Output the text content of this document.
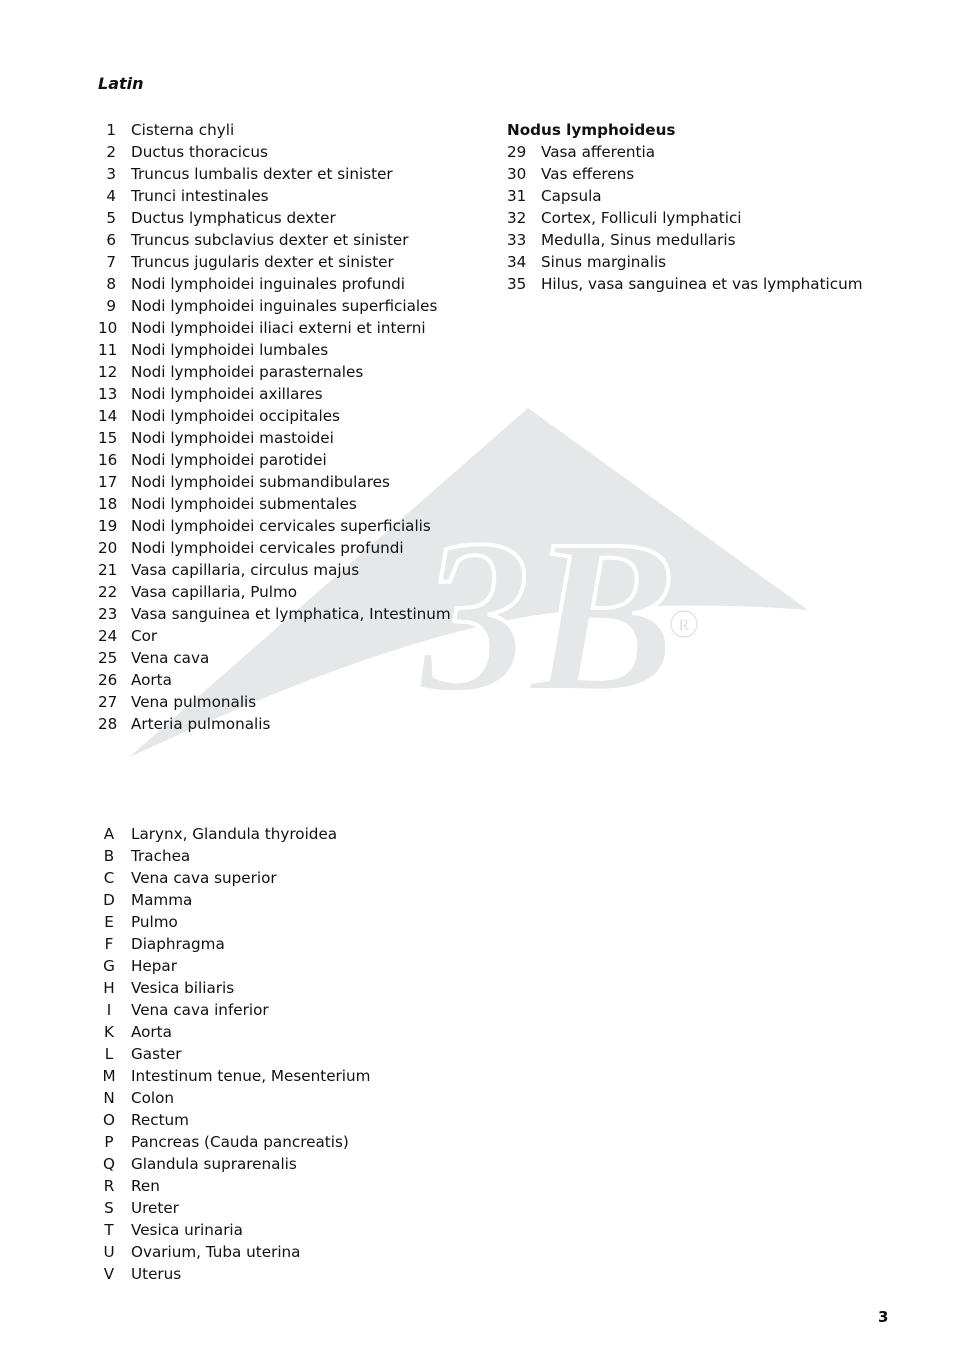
3B R
Latin
1 Cisterna chyli
2 Ductus thoracicus
3 Truncus lumbalis dexter et sinister
4 Trunci intestinales
5 Ductus lymphaticus dexter
6 Truncus subclavius dexter et sinister
7 Truncus jugularis dexter et sinister
8 Nodi lymphoidei inguinales profundi
9 Nodi lymphoidei inguinales superficiales
10 Nodi lymphoidei iliaci externi et interni
11 Nodi lymphoidei lumbales
12 Nodi lymphoidei parasternales
13 Nodi lymphoidei axillares
14 Nodi lymphoidei occipitales
15 Nodi lymphoidei mastoidei
16 Nodi lymphoidei parotidei
17 Nodi lymphoidei submandibulares
18 Nodi lymphoidei submentales
19 Nodi lymphoidei cervicales superficialis
20 Nodi lymphoidei cervicales profundi
21 Vasa capillaria, circulus majus
22 Vasa capillaria, Pulmo
23 Vasa sanguinea et lymphatica, Intestinum
24 Cor
25 Vena cava
26 Aorta
27 Vena pulmonalis
28 Arteria pulmonalis
Nodus lymphoideus
29 Vasa afferentia
30 Vas efferens
31 Capsula
32 Cortex, Folliculi lymphatici
33 Medulla, Sinus medullaris
34 Sinus marginalis
35 Hilus, vasa sanguinea et vas lymphaticum
A	Larynx, Glandula thyroidea
B	Trachea
C	Vena cava superior
D	Mamma
E	Pulmo
F	Diaphragma
G	Hepar
H	Vesica biliaris
I	Vena cava inferior
K	Aorta
L	Gaster
M Intestinum tenue, Mesenterium
N	Colon
O	Rectum
P	Pancreas (Cauda pancreatis)
Q	Glandula suprarenalis
R	Ren
S	Ureter
T	Vesica urinaria
U	Ovarium, Tuba uterina
V	Uterus
3
